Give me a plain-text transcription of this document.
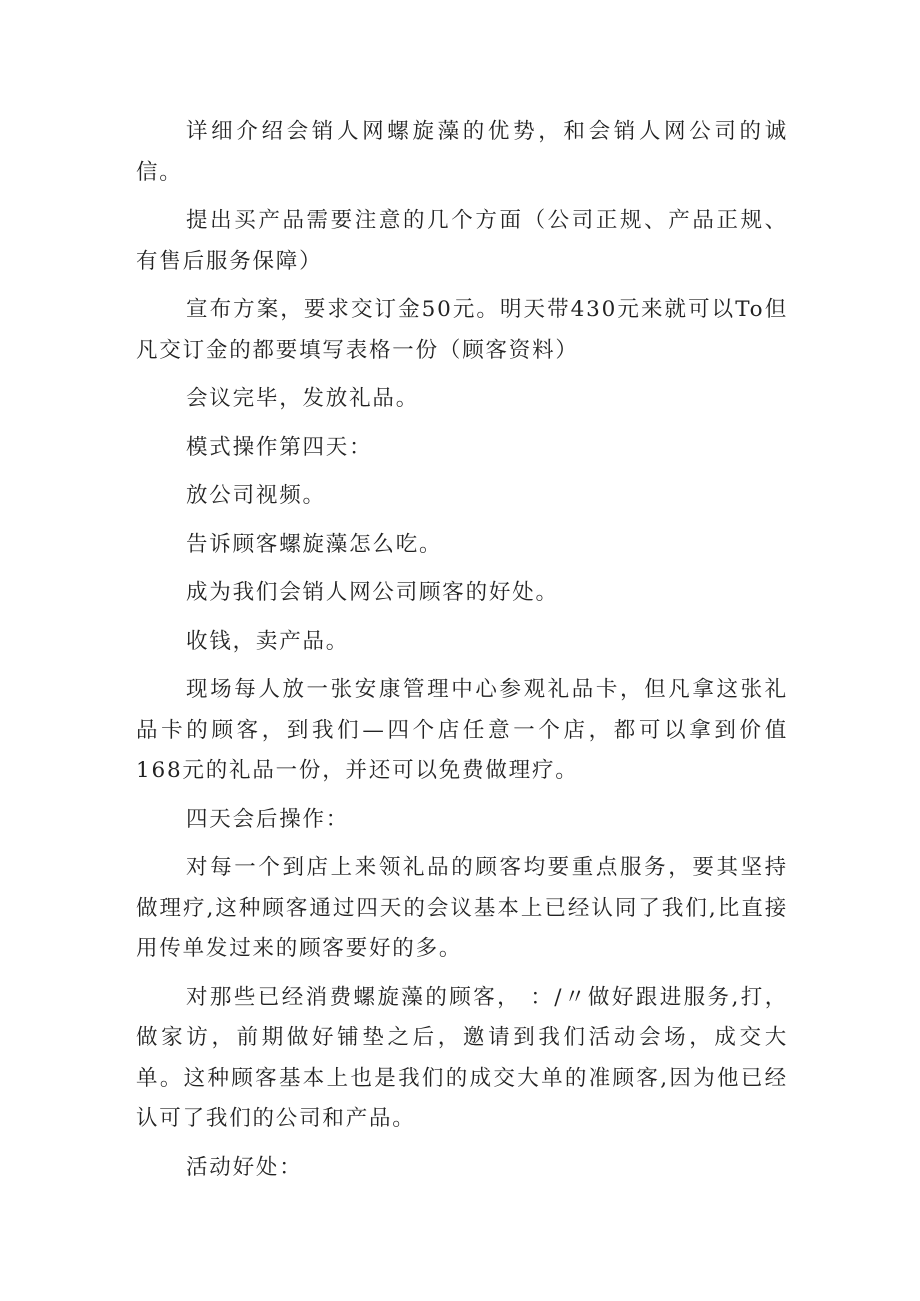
详细介绍会销人网螺旋藻的优势，和会销人网公司的诚信。

提出买产品需要注意的几个方面（公司正规、产品正规、有售后服务保障）

宣布方案，要求交订金50元。明天带430元来就可以To但凡交订金的都要填写表格一份（顾客资料）

会议完毕，发放礼品。

模式操作第四天：

放公司视频。

告诉顾客螺旋藻怎么吃。

成为我们会销人网公司顾客的好处。

收钱，卖产品。

现场每人放一张安康管理中心参观礼品卡，但凡拿这张礼品卡的顾客，到我们—四个店任意一个店，都可以拿到价值168元的礼品一份，并还可以免费做理疗。

四天会后操作：

对每一个到店上来领礼品的顾客均要重点服务，要其坚持做理疗,这种顾客通过四天的会议基本上已经认同了我们,比直接用传单发过来的顾客要好的多。

对那些已经消费螺旋藻的顾客， ：/〃做好跟进服务,打，做家访，前期做好铺垫之后，邀请到我们活动会场，成交大单。这种顾客基本上也是我们的成交大单的准顾客,因为他已经认可了我们的公司和产品。

活动好处：
